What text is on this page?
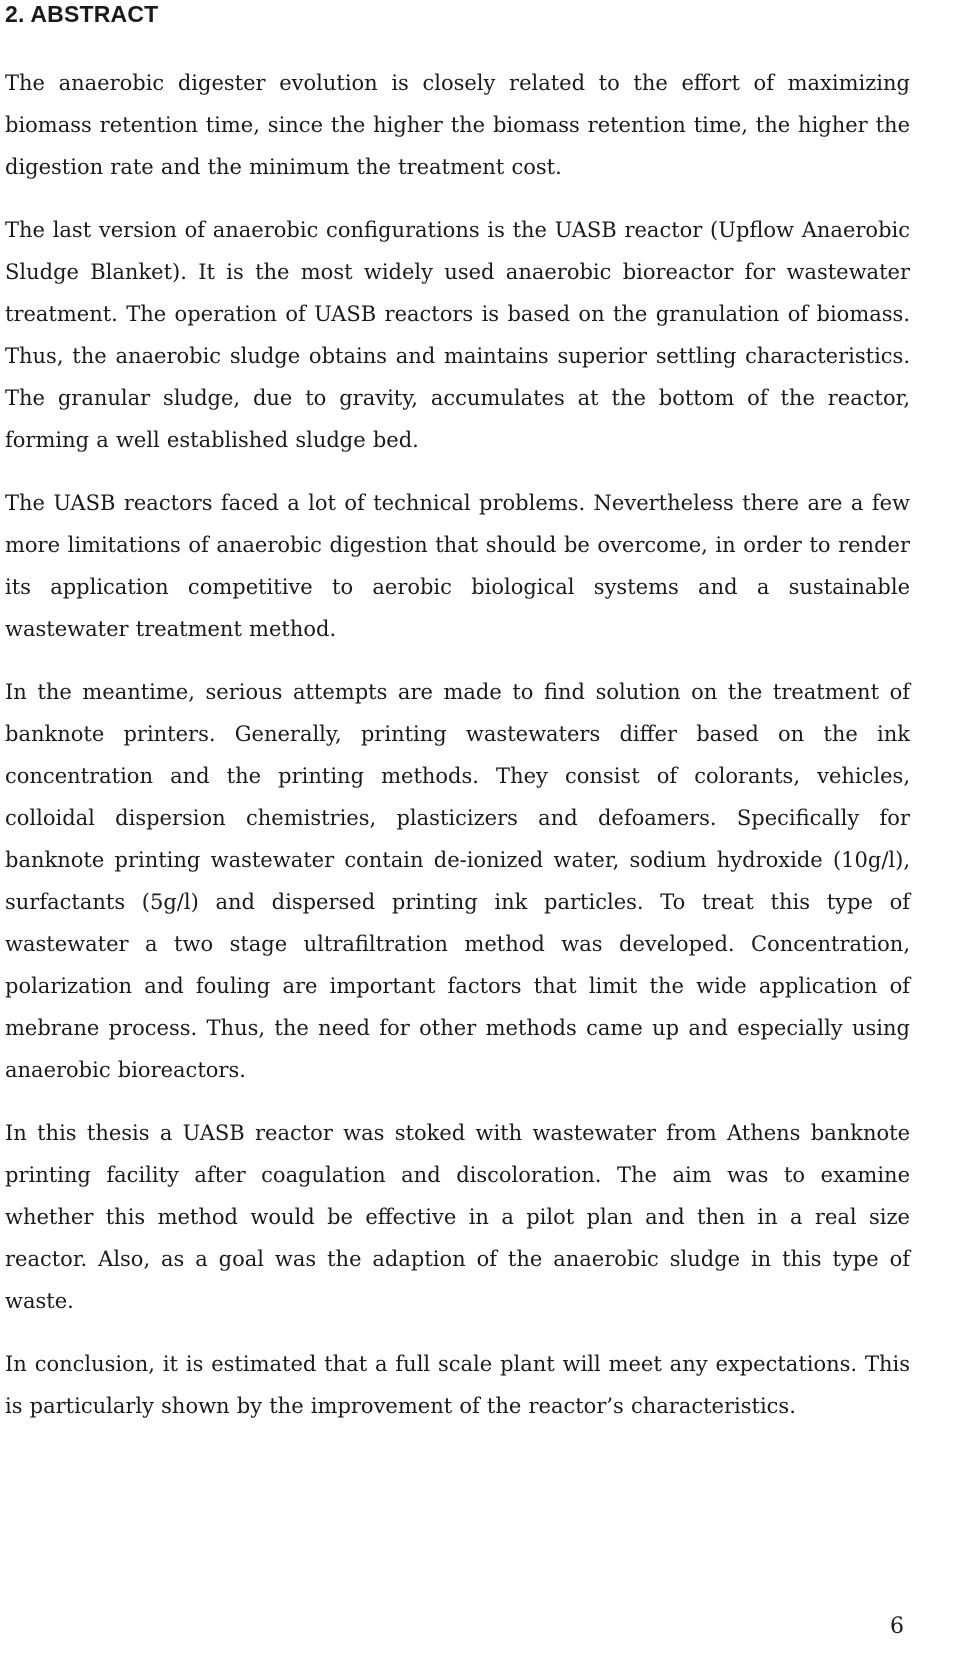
2. ABSTRACT

The anaerobic digester evolution is closely related to the effort of maximizing biomass retention time, since the higher the biomass retention time, the higher the digestion rate and the minimum the treatment cost.

The last version of anaerobic configurations is the UASB reactor (Upflow Anaerobic Sludge Blanket). It is the most widely used anaerobic bioreactor for wastewater treatment. The operation of UASB reactors is based on the granulation of biomass. Thus, the anaerobic sludge obtains and maintains superior settling characteristics. The granular sludge, due to gravity, accumulates at the bottom of the reactor, forming a well established sludge bed.

The UASB reactors faced a lot of technical problems. Nevertheless there are a few more limitations of anaerobic digestion that should be overcome, in order to render its application competitive to aerobic biological systems and a sustainable wastewater treatment method.

In the meantime, serious attempts are made to find solution on the treatment of banknote printers. Generally, printing wastewaters differ based on the ink concentration and the printing methods. They consist of colorants, vehicles, colloidal dispersion chemistries, plasticizers and defoamers. Specifically for banknote printing wastewater contain de-ionized water, sodium hydroxide (10g/l), surfactants (5g/l) and dispersed printing ink particles. To treat this type of wastewater a two stage ultrafiltration method was developed. Concentration, polarization and fouling are important factors that limit the wide application of mebrane process. Thus, the need for other methods came up and especially using anaerobic bioreactors.

In this thesis a UASB reactor was stoked with wastewater from Athens banknote printing facility after coagulation and discoloration. The aim was to examine whether this method would be effective in a pilot plan and then in a real size reactor. Also, as a goal was the adaption of the anaerobic sludge in this type of waste.

In conclusion, it is estimated that a full scale plant will meet any expectations. This is particularly shown by the improvement of the reactor’s characteristics.

6
